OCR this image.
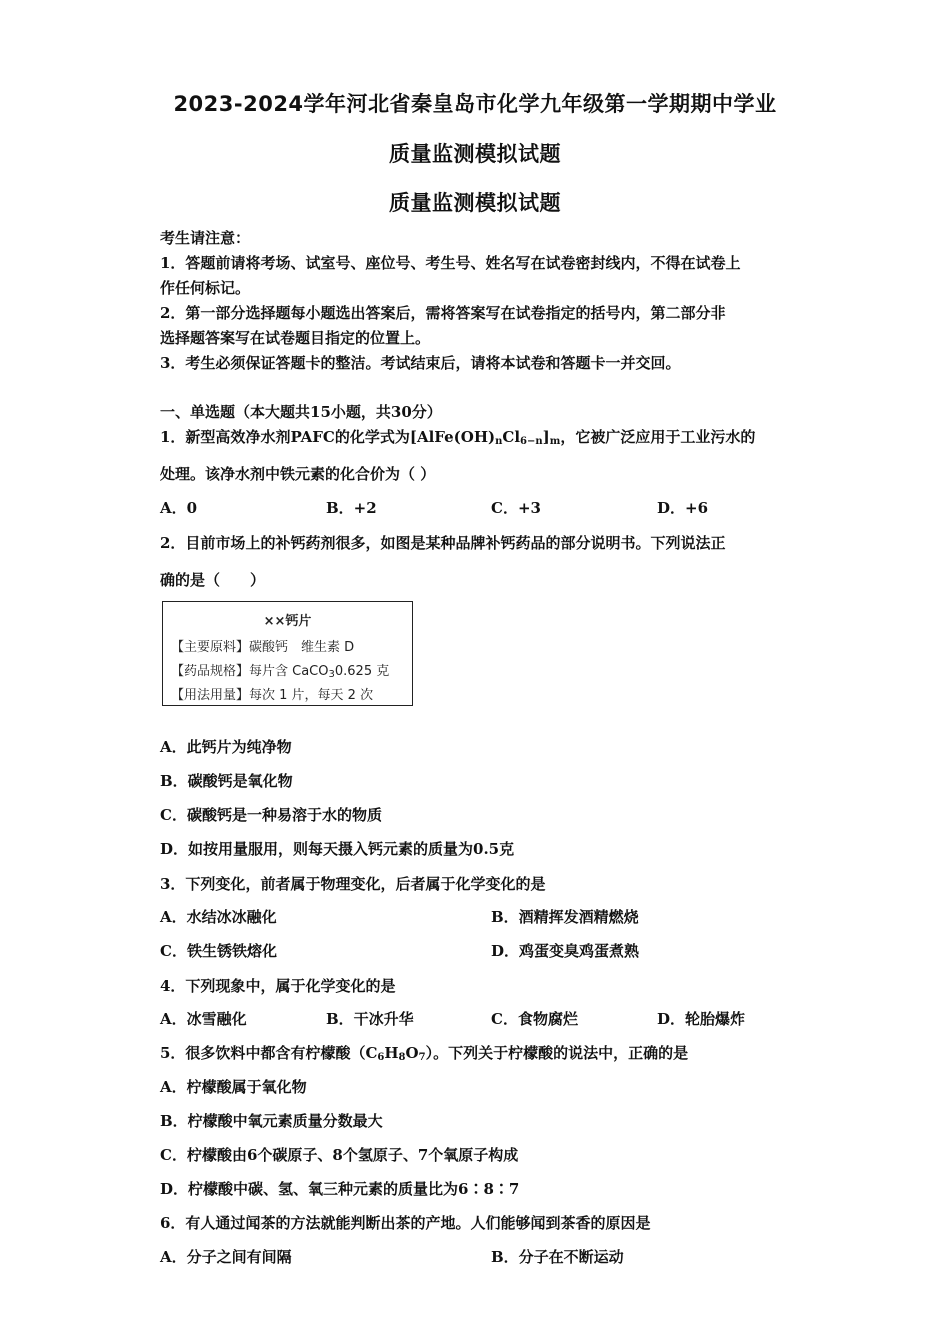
2023-2024学年河北省秦皇岛市化学九年级第一学期期中学业
质量监测模拟试题
质量监测模拟试题
考生请注意：
1．答题前请将考场、试室号、座位号、考生号、姓名写在试卷密封线内，不得在试卷上
作任何标记。
2．第一部分选择题每小题选出答案后，需将答案写在试卷指定的括号内，第二部分非
选择题答案写在试卷题目指定的位置上。
3．考生必须保证答题卡的整洁。考试结束后，请将本试卷和答题卡一并交回。
一、单选题（本大题共15小题，共30分）
1．新型高效净水剂PAFC的化学式为$[AlFe(OH)_nCl_{6-n}]_m$，它被广泛应用于工业污水的
处理。该净水剂中铁元素的化合价为（ ）
A．0	B．+2	C．+3	D．+6
2．目前市场上的补钙药剂很多，如图是某种品牌补钙药品的部分说明书。下列说法正
确的是（　　）
××钙片
【主要原料】碳酸钙　维生素 D
【药品规格】每片含 CaCO$_3$0.625 克
【用法用量】每次 1 片，每天 2 次
A．此钙片为纯净物
B．碳酸钙是氧化物
C．碳酸钙是一种易溶于水的物质
D．如按用量服用，则每天摄入钙元素的质量为0.5克
3．下列变化，前者属于物理变化，后者属于化学变化的是
A．水结冰冰融化	B．酒精挥发酒精燃烧
C．铁生锈铁熔化	D．鸡蛋变臭鸡蛋煮熟
4．下列现象中，属于化学变化的是
A．冰雪融化	B．干冰升华	C．食物腐烂	D．轮胎爆炸
5．很多饮料中都含有柠檬酸$(C_6H_8O_7)$。下列关于柠檬酸的说法中，正确的是
A．柠檬酸属于氧化物
B．柠檬酸中氧元素质量分数最大
C．柠檬酸由6个碳原子、8个氢原子、7个氧原子构成
D．柠檬酸中碳、氢、氧三种元素的质量比为6∶8∶7
6．有人通过闻茶的方法就能判断出茶的产地。人们能够闻到茶香的原因是
A．分子之间有间隔	B．分子在不断运动
